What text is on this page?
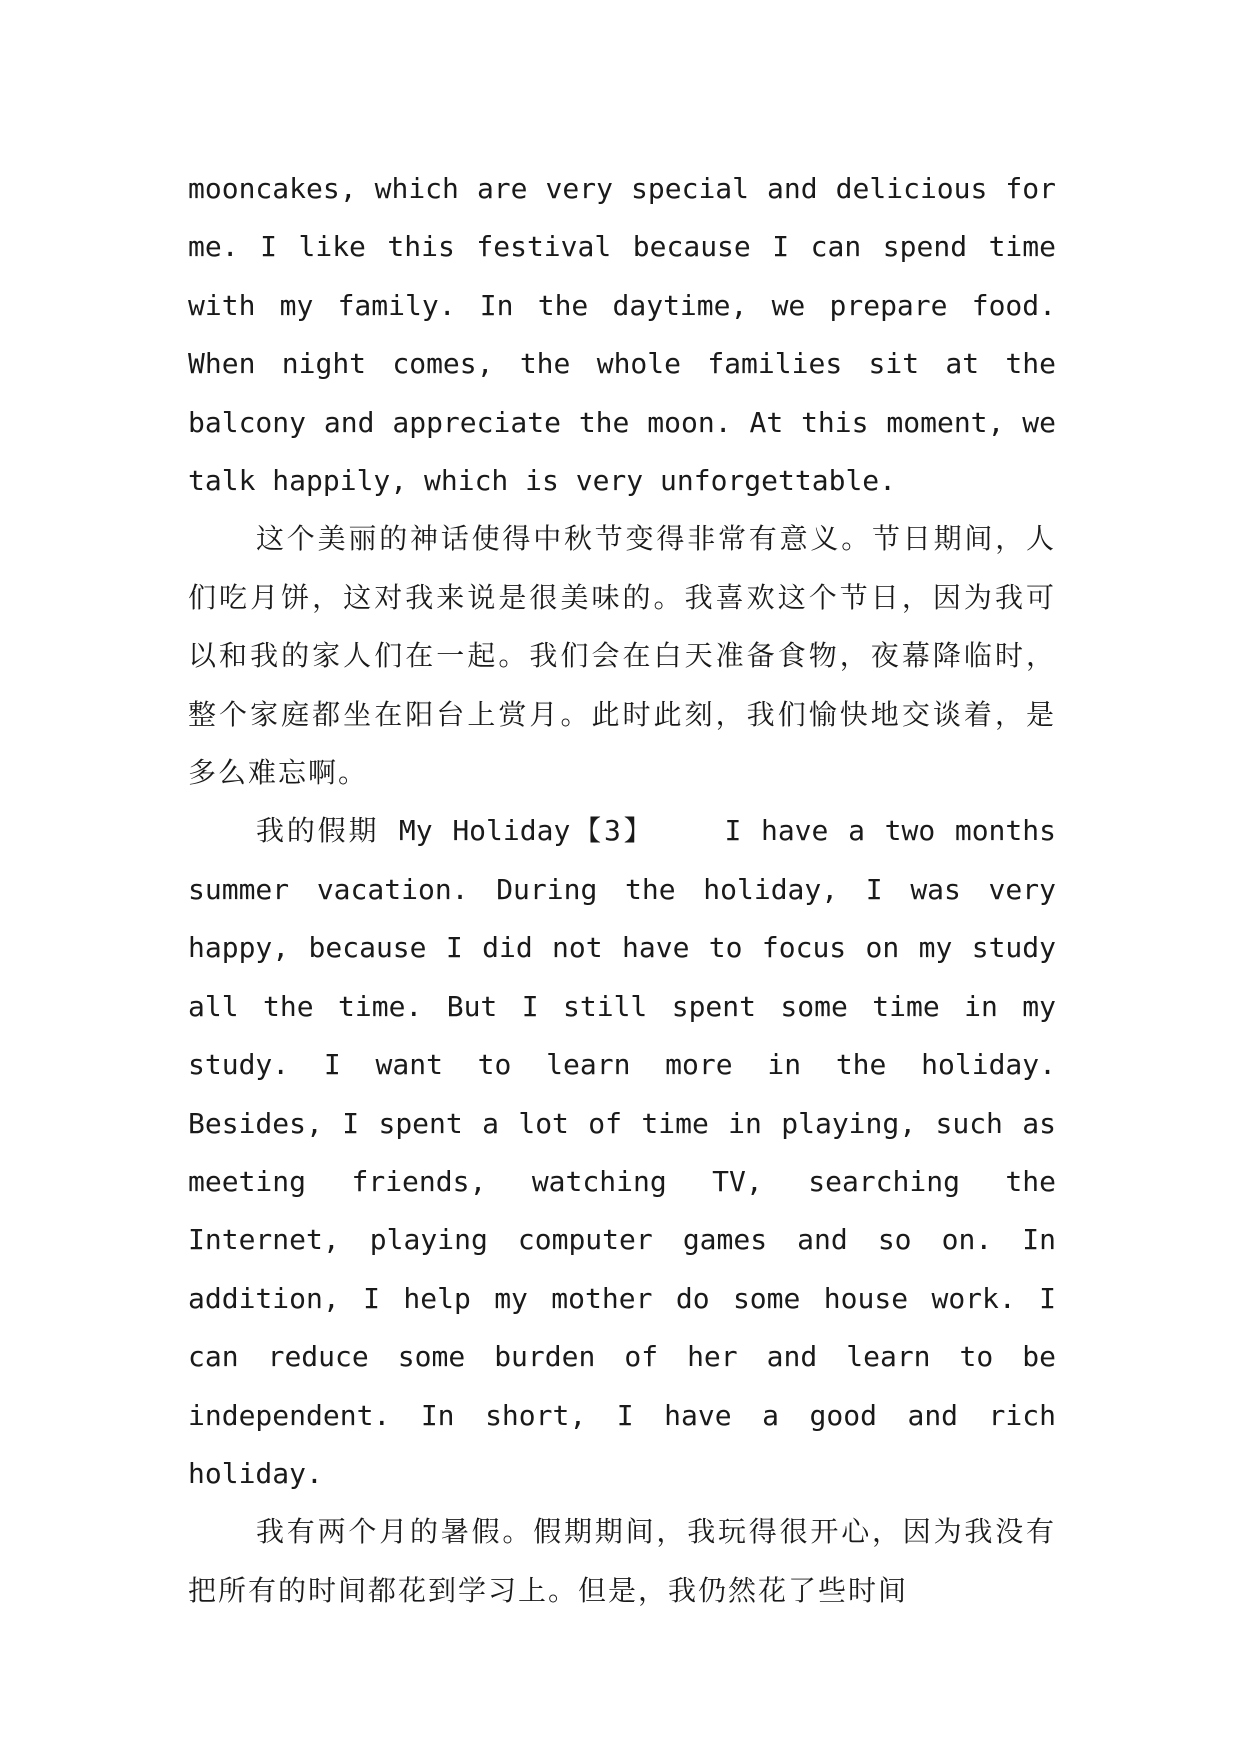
mooncakes, which are very special and delicious for me. I like this festival because I can spend time with my family. In the daytime, we prepare food. When night comes, the whole families sit at the balcony and appreciate the moon. At this moment, we talk happily, which is very unforgettable.

这个美丽的神话使得中秋节变得非常有意义。节日期间，人们吃月饼，这对我来说是很美味的。我喜欢这个节日，因为我可以和我的家人们在一起。我们会在白天准备食物，夜幕降临时，整个家庭都坐在阳台上赏月。此时此刻，我们愉快地交谈着，是多么难忘啊。

我的假期 My Holiday【3】	I have a two months summer vacation. During the holiday, I was very happy, because I did not have to focus on my study all the time. But I still spent some time in my study. I want to learn more in the holiday. Besides, I spent a lot of time in playing, such as meeting friends, watching TV, searching the Internet, playing computer games and so on. In addition, I help my mother do some house work. I can reduce some burden of her and learn to be independent. In short, I have a good and rich holiday.

我有两个月的暑假。假期期间，我玩得很开心，因为我没有把所有的时间都花到学习上。但是，我仍然花了些时间
